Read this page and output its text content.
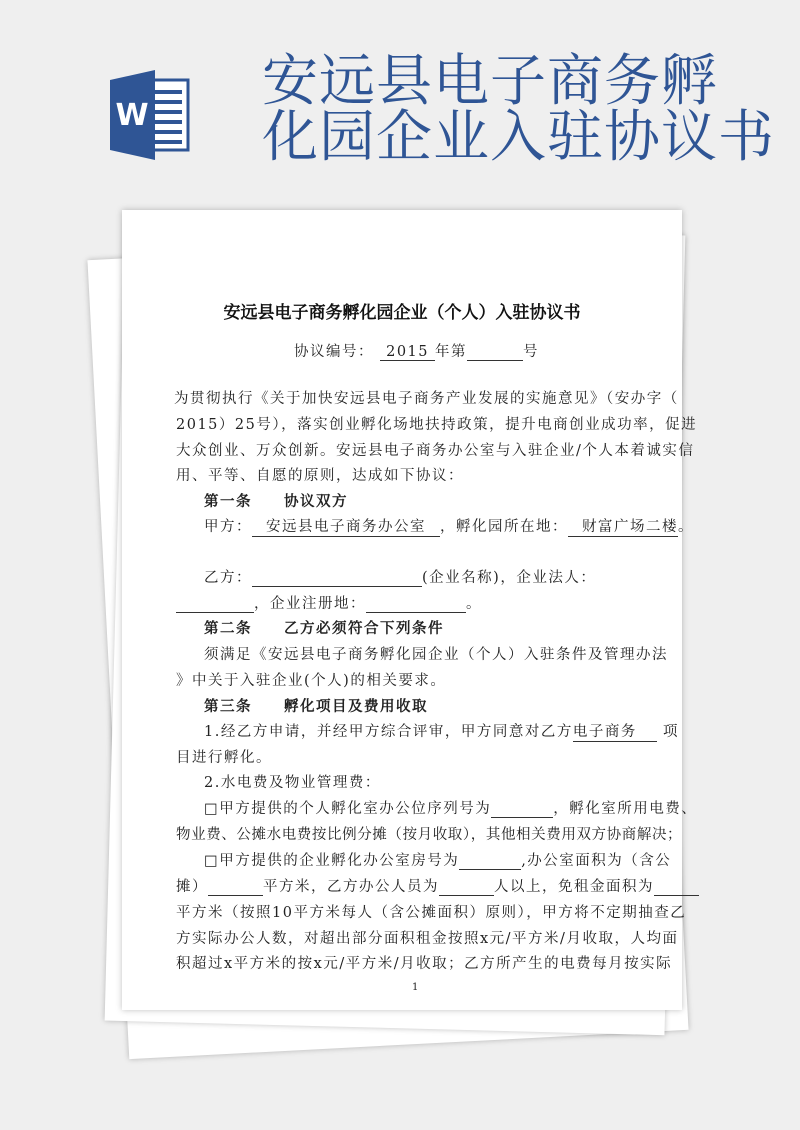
W
安远县电子商务孵
化园企业入驻协议书
安远县电子商务孵化园企业（个人）入驻协议书
协议编号： 2015 年第	号
为贯彻执行《关于加快安远县电子商务产业发展的实施意见》（安办字（
2015）25号），落实创业孵化场地扶持政策，提升电商创业成功率，促进
大众创业、万众创新。安远县电子商务办公室与入驻企业/个人本着诚实信
用、平等、自愿的原则，达成如下协议：
第一条　　协议双方
甲方： 安远县电子商务办公室 ，孵化园所在地： 财富广场二楼。
乙方：	(企业名称)，企业法人：
，企业注册地：	。
第二条　　乙方必须符合下列条件
须满足《安远县电子商务孵化园企业（个人）入驻条件及管理办法
》中关于入驻企业(个人)的相关要求。
第三条　　孵化项目及费用收取
1.经乙方申请，并经甲方综合评审，甲方同意对乙方电子商务 项
目进行孵化。
2.水电费及物业管理费：
□甲方提供的个人孵化室办公位序列号为	，孵化室所用电费、
物业费、公摊水电费按比例分摊（按月收取），其他相关费用双方协商解决；
□甲方提供的企业孵化办公室房号为	,办公室面积为（含公
摊）	平方米，乙方办公人员为	人以上，免租金面积为
平方米（按照10平方米每人（含公摊面积）原则），甲方将不定期抽查乙
方实际办公人数，对超出部分面积租金按照x元/平方米/月收取，人均面
积超过x平方米的按x元/平方米/月收取；乙方所产生的电费每月按实际
1
